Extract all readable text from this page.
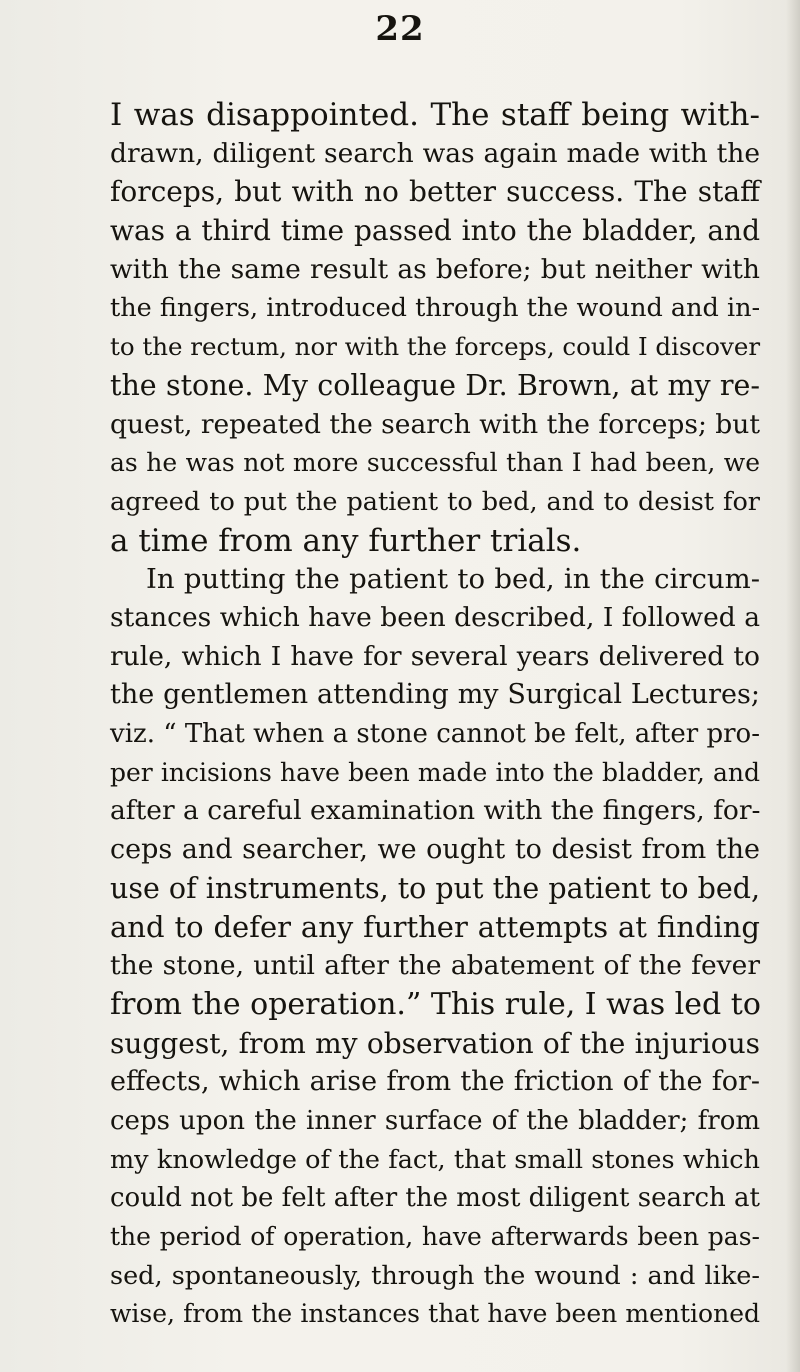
22
I was disappointed. The staff being with-
drawn, diligent search was again made with the
forceps, but with no better success. The staff
was a third time passed into the bladder, and
with the same result as before; but neither with
the fingers, introduced through the wound and in-
to the rectum, nor with the forceps, could I discover
the stone. My colleague Dr. Brown, at my re-
quest, repeated the search with the forceps; but
as he was not more successful than I had been, we
agreed to put the patient to bed, and to desist for
a time from any further trials.
In putting the patient to bed, in the circum-
stances which have been described, I followed a
rule, which I have for several years delivered to
the gentlemen attending my Surgical Lectures;
viz. “ That when a stone cannot be felt, after pro-
per incisions have been made into the bladder, and
after a careful examination with the fingers, for-
ceps and searcher, we ought to desist from the
use of instruments, to put the patient to bed,
and to defer any further attempts at finding
the stone, until after the abatement of the fever
from the operation.” This rule, I was led to
suggest, from my observation of the injurious
effects, which arise from the friction of the for-
ceps upon the inner surface of the bladder; from
my knowledge of the fact, that small stones which
could not be felt after the most diligent search at
the period of operation, have afterwards been pas-
sed, spontaneously, through the wound : and like-
wise, from the instances that have been mentioned
